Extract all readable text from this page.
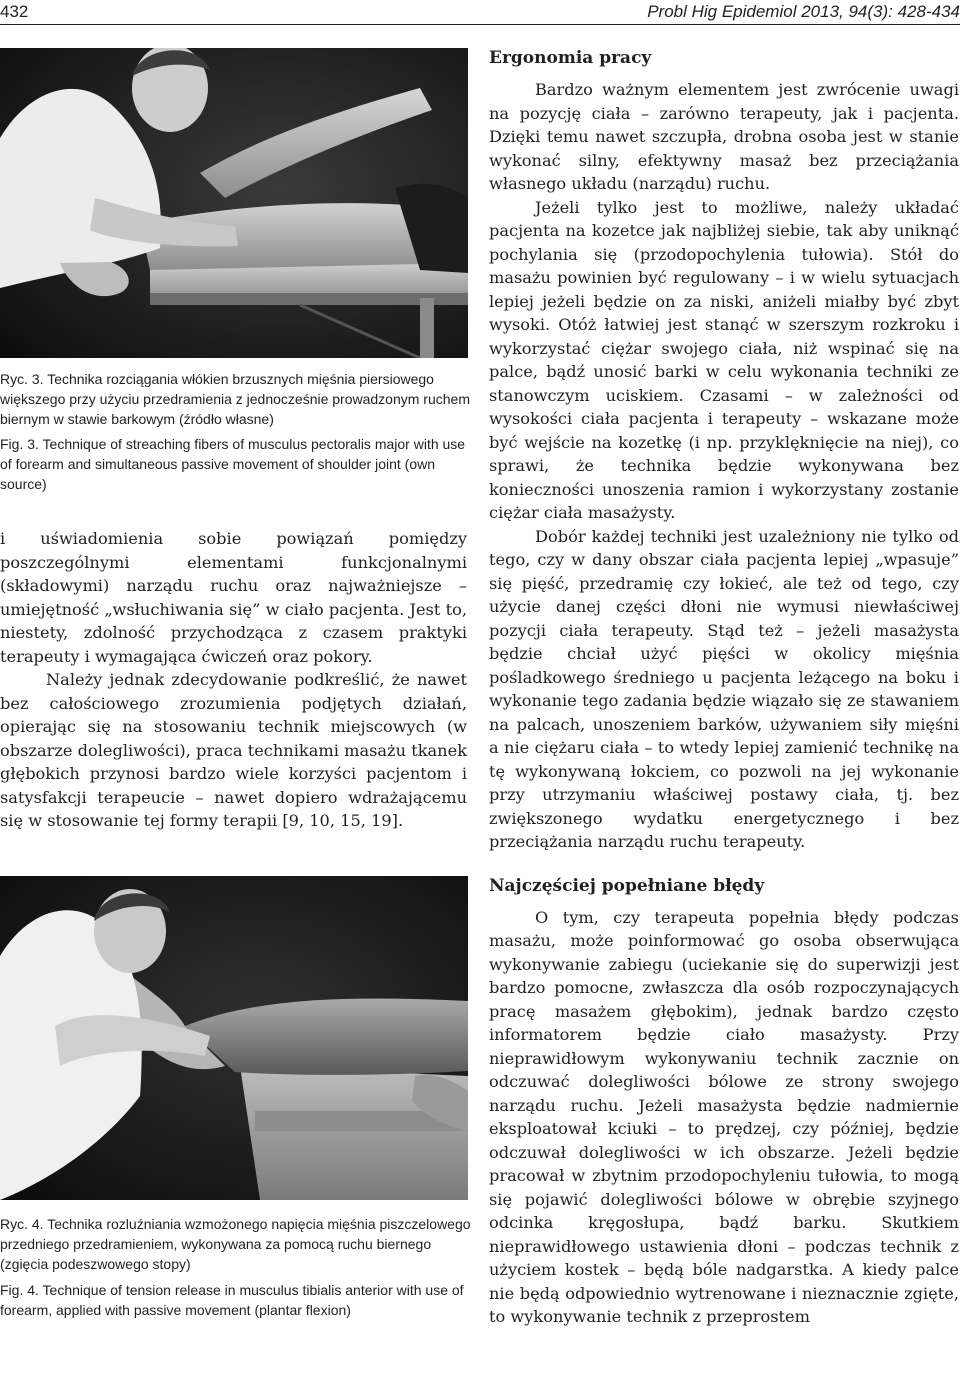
432	Probl Hig Epidemiol 2013, 94(3): 428-434

Ryc. 3. Technika rozciągania włókien brzusznych mięśnia piersiowego większego przy użyciu przedramienia z jednocześnie prowadzonym ruchem biernym w stawie barkowym (źródło własne)

Fig. 3. Technique of streaching fibers of musculus pectoralis major with use of forearm and simultaneous passive movement of shoulder joint (own source)

i uświadomienia sobie powiązań pomiędzy poszczególnymi elementami funkcjonalnymi (składowymi) narządu ruchu oraz najważniejsze – umiejętność „wsłuchiwania się” w ciało pacjenta. Jest to, niestety, zdolność przychodząca z czasem praktyki terapeuty i wymagająca ćwiczeń oraz pokory.

Należy jednak zdecydowanie podkreślić, że nawet bez całościowego zrozumienia podjętych działań, opierając się na stosowaniu technik miejscowych (w obszarze dolegliwości), praca technikami masażu tkanek głębokich przynosi bardzo wiele korzyści pacjentom i satysfakcji terapeucie – nawet dopiero wdrażającemu się w stosowanie tej formy terapii [9, 10, 15, 19].

Ryc. 4. Technika rozluźniania wzmożonego napięcia mięśnia piszczelowego przedniego przedramieniem, wykonywana za pomocą ruchu biernego (zgięcia podeszwowego stopy)

Fig. 4. Technique of tension release in musculus tibialis anterior with use of forearm, applied with passive movement (plantar flexion)

Ergonomia pracy

Bardzo ważnym elementem jest zwrócenie uwagi na pozycję ciała – zarówno terapeuty, jak i pacjenta. Dzięki temu nawet szczupła, drobna osoba jest w stanie wykonać silny, efektywny masaż bez przeciążania własnego układu (narządu) ruchu.

Jeżeli tylko jest to możliwe, należy układać pacjenta na kozetce jak najbliżej siebie, tak aby uniknąć pochylania się (przodopochylenia tułowia). Stół do masażu powinien być regulowany – i w wielu sytuacjach lepiej jeżeli będzie on za niski, aniżeli miałby być zbyt wysoki. Otóż łatwiej jest stanąć w szerszym rozkroku i wykorzystać ciężar swojego ciała, niż wspinać się na palce, bądź unosić barki w celu wykonania techniki ze stanowczym uciskiem. Czasami – w zależności od wysokości ciała pacjenta i terapeuty – wskazane może być wejście na kozetkę (i np. przyklęknięcie na niej), co sprawi, że technika będzie wykonywana bez konieczności unoszenia ramion i wykorzystany zostanie ciężar ciała masażysty.

Dobór każdej techniki jest uzależniony nie tylko od tego, czy w dany obszar ciała pacjenta lepiej „wpasuje” się pięść, przedramię czy łokieć, ale też od tego, czy użycie danej części dłoni nie wymusi niewłaściwej pozycji ciała terapeuty. Stąd też – jeżeli masażysta będzie chciał użyć pięści w okolicy mięśnia pośladkowego średniego u pacjenta leżącego na boku i wykonanie tego zadania będzie wiązało się ze stawaniem na palcach, unoszeniem barków, używaniem siły mięśni a nie ciężaru ciała – to wtedy lepiej zamienić technikę na tę wykonywaną łokciem, co pozwoli na jej wykonanie przy utrzymaniu właściwej postawy ciała, tj. bez zwiększonego wydatku energetycznego i bez przeciążania narządu ruchu terapeuty.

Najczęściej popełniane błędy

O tym, czy terapeuta popełnia błędy podczas masażu, może poinformować go osoba obserwująca wykonywanie zabiegu (uciekanie się do superwizji jest bardzo pomocne, zwłaszcza dla osób rozpoczynających pracę masażem głębokim), jednak bardzo często informatorem będzie ciało masażysty. Przy nieprawidłowym wykonywaniu technik zacznie on odczuwać dolegliwości bólowe ze strony swojego narządu ruchu. Jeżeli masażysta będzie nadmiernie eksploatował kciuki – to prędzej, czy później, będzie odczuwał dolegliwości w ich obszarze. Jeżeli będzie pracował w zbytnim przodopochyleniu tułowia, to mogą się pojawić dolegliwości bólowe w obrębie szyjnego odcinka kręgosłupa, bądź barku. Skutkiem nieprawidłowego ustawienia dłoni – podczas technik z użyciem kostek – będą bóle nadgarstka. A kiedy palce nie będą odpowiednio wytrenowane i nieznacznie zgięte, to wykonywanie technik z przeprostem
